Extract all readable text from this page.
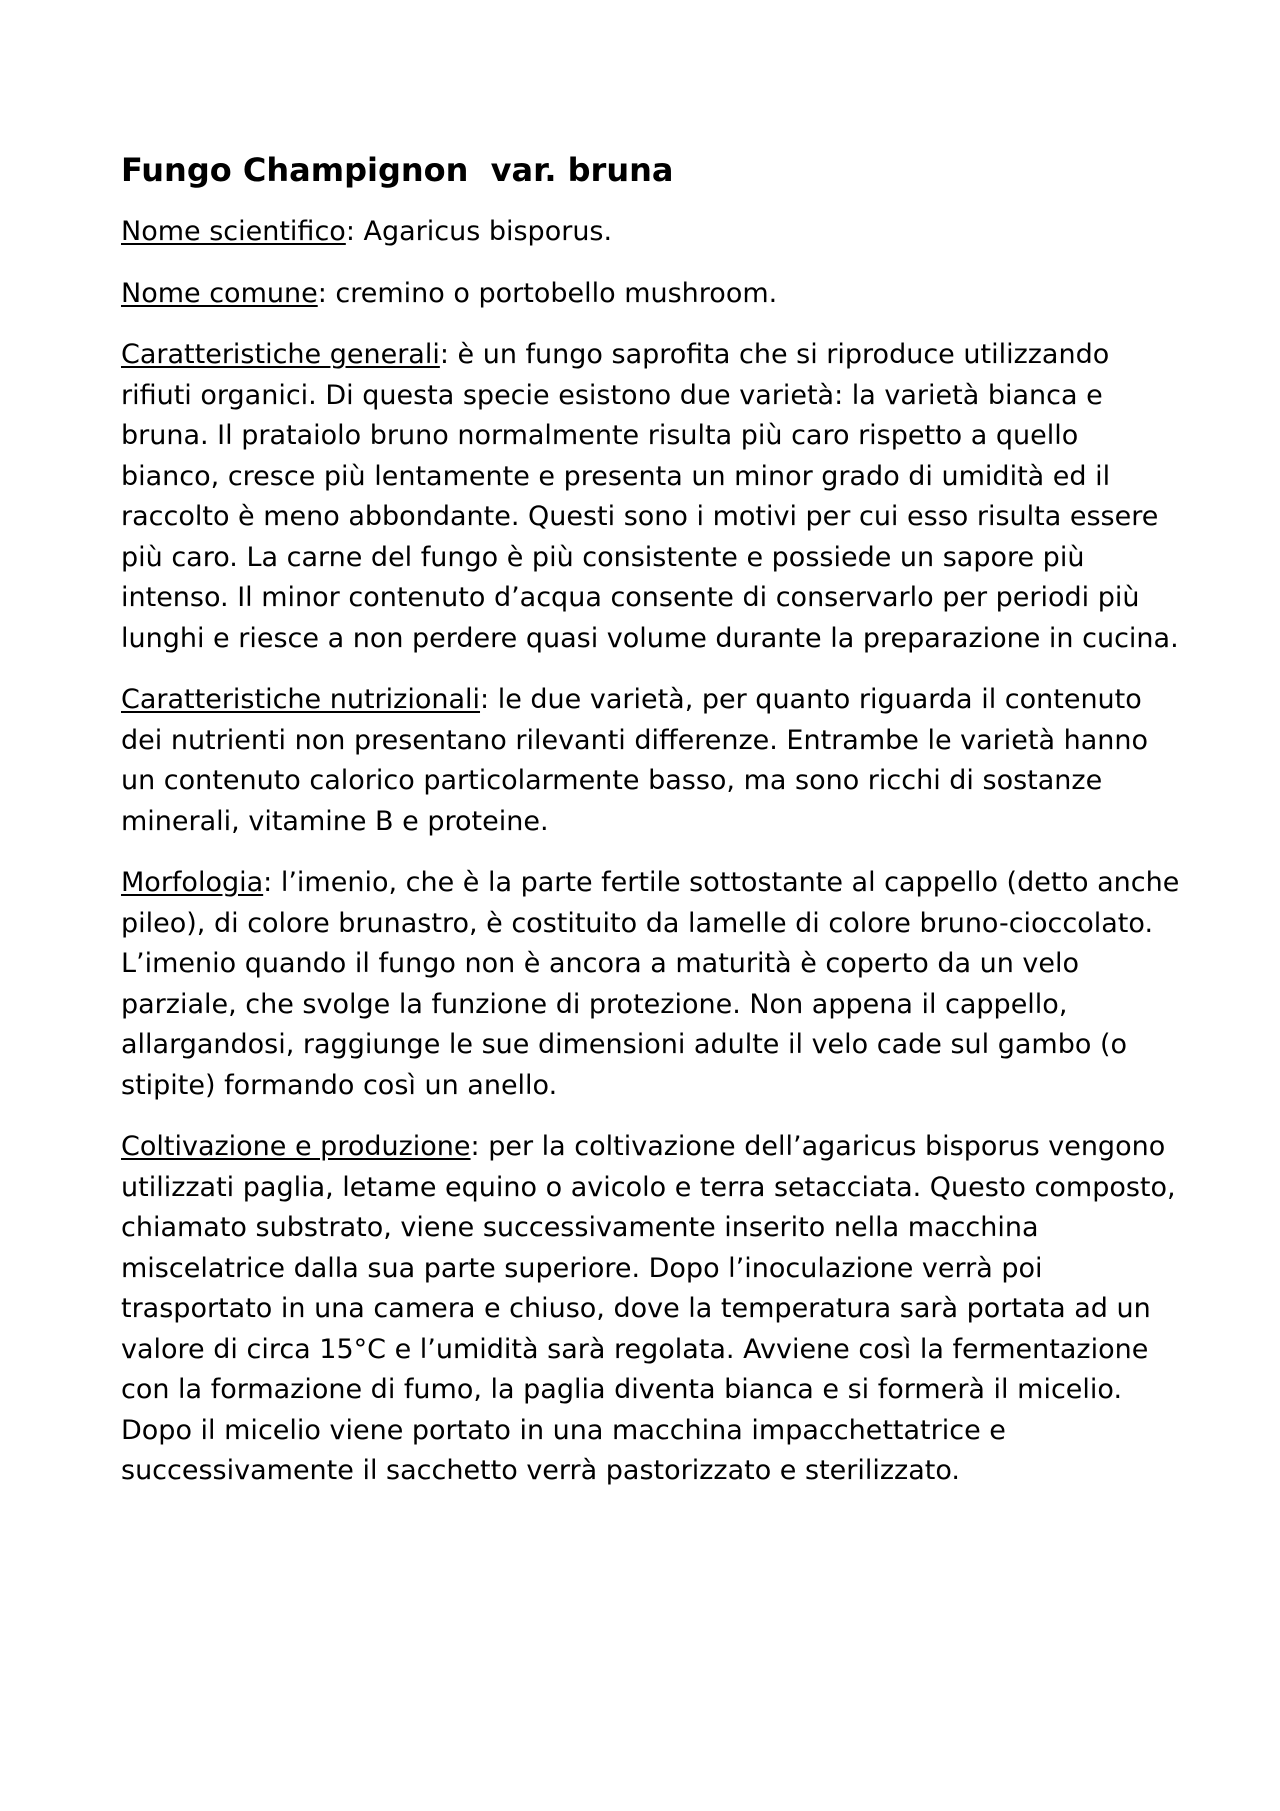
Fungo Champignon  var. bruna

Nome scientifico: Agaricus bisporus.

Nome comune: cremino o portobello mushroom.

Caratteristiche generali: è un fungo saprofita che si riproduce utilizzando rifiuti organici. Di questa specie esistono due varietà: la varietà bianca e bruna. Il prataiolo bruno normalmente risulta più caro rispetto a quello bianco, cresce più lentamente e presenta un minor grado di umidità ed il raccolto è meno abbondante. Questi sono i motivi per cui esso risulta essere più caro. La carne del fungo è più consistente e possiede un sapore più intenso. Il minor contenuto d’acqua consente di conservarlo per periodi più lunghi e riesce a non perdere quasi volume durante la preparazione in cucina.

Caratteristiche nutrizionali: le due varietà, per quanto riguarda il contenuto dei nutrienti non presentano rilevanti differenze. Entrambe le varietà hanno un contenuto calorico particolarmente basso, ma sono ricchi di sostanze minerali, vitamine B e proteine.

Morfologia: l’imenio, che è la parte fertile sottostante al cappello (detto anche pileo), di colore brunastro, è costituito da lamelle di colore bruno-cioccolato. L’imenio quando il fungo non è ancora a maturità è coperto da un velo parziale, che svolge la funzione di protezione. Non appena il cappello, allargandosi, raggiunge le sue dimensioni adulte il velo cade sul gambo (o stipite) formando così un anello.

Coltivazione e produzione: per la coltivazione dell’agaricus bisporus vengono utilizzati paglia, letame equino o avicolo e terra setacciata. Questo composto, chiamato substrato, viene successivamente inserito nella macchina miscelatrice dalla sua parte superiore. Dopo l’inoculazione verrà poi trasportato in una camera e chiuso, dove la temperatura sarà portata ad un valore di circa 15°C e l’umidità sarà regolata. Avviene così la fermentazione con la formazione di fumo, la paglia diventa bianca e si formerà il micelio. Dopo il micelio viene portato in una macchina impacchettatrice e successivamente il sacchetto verrà pastorizzato e sterilizzato.
